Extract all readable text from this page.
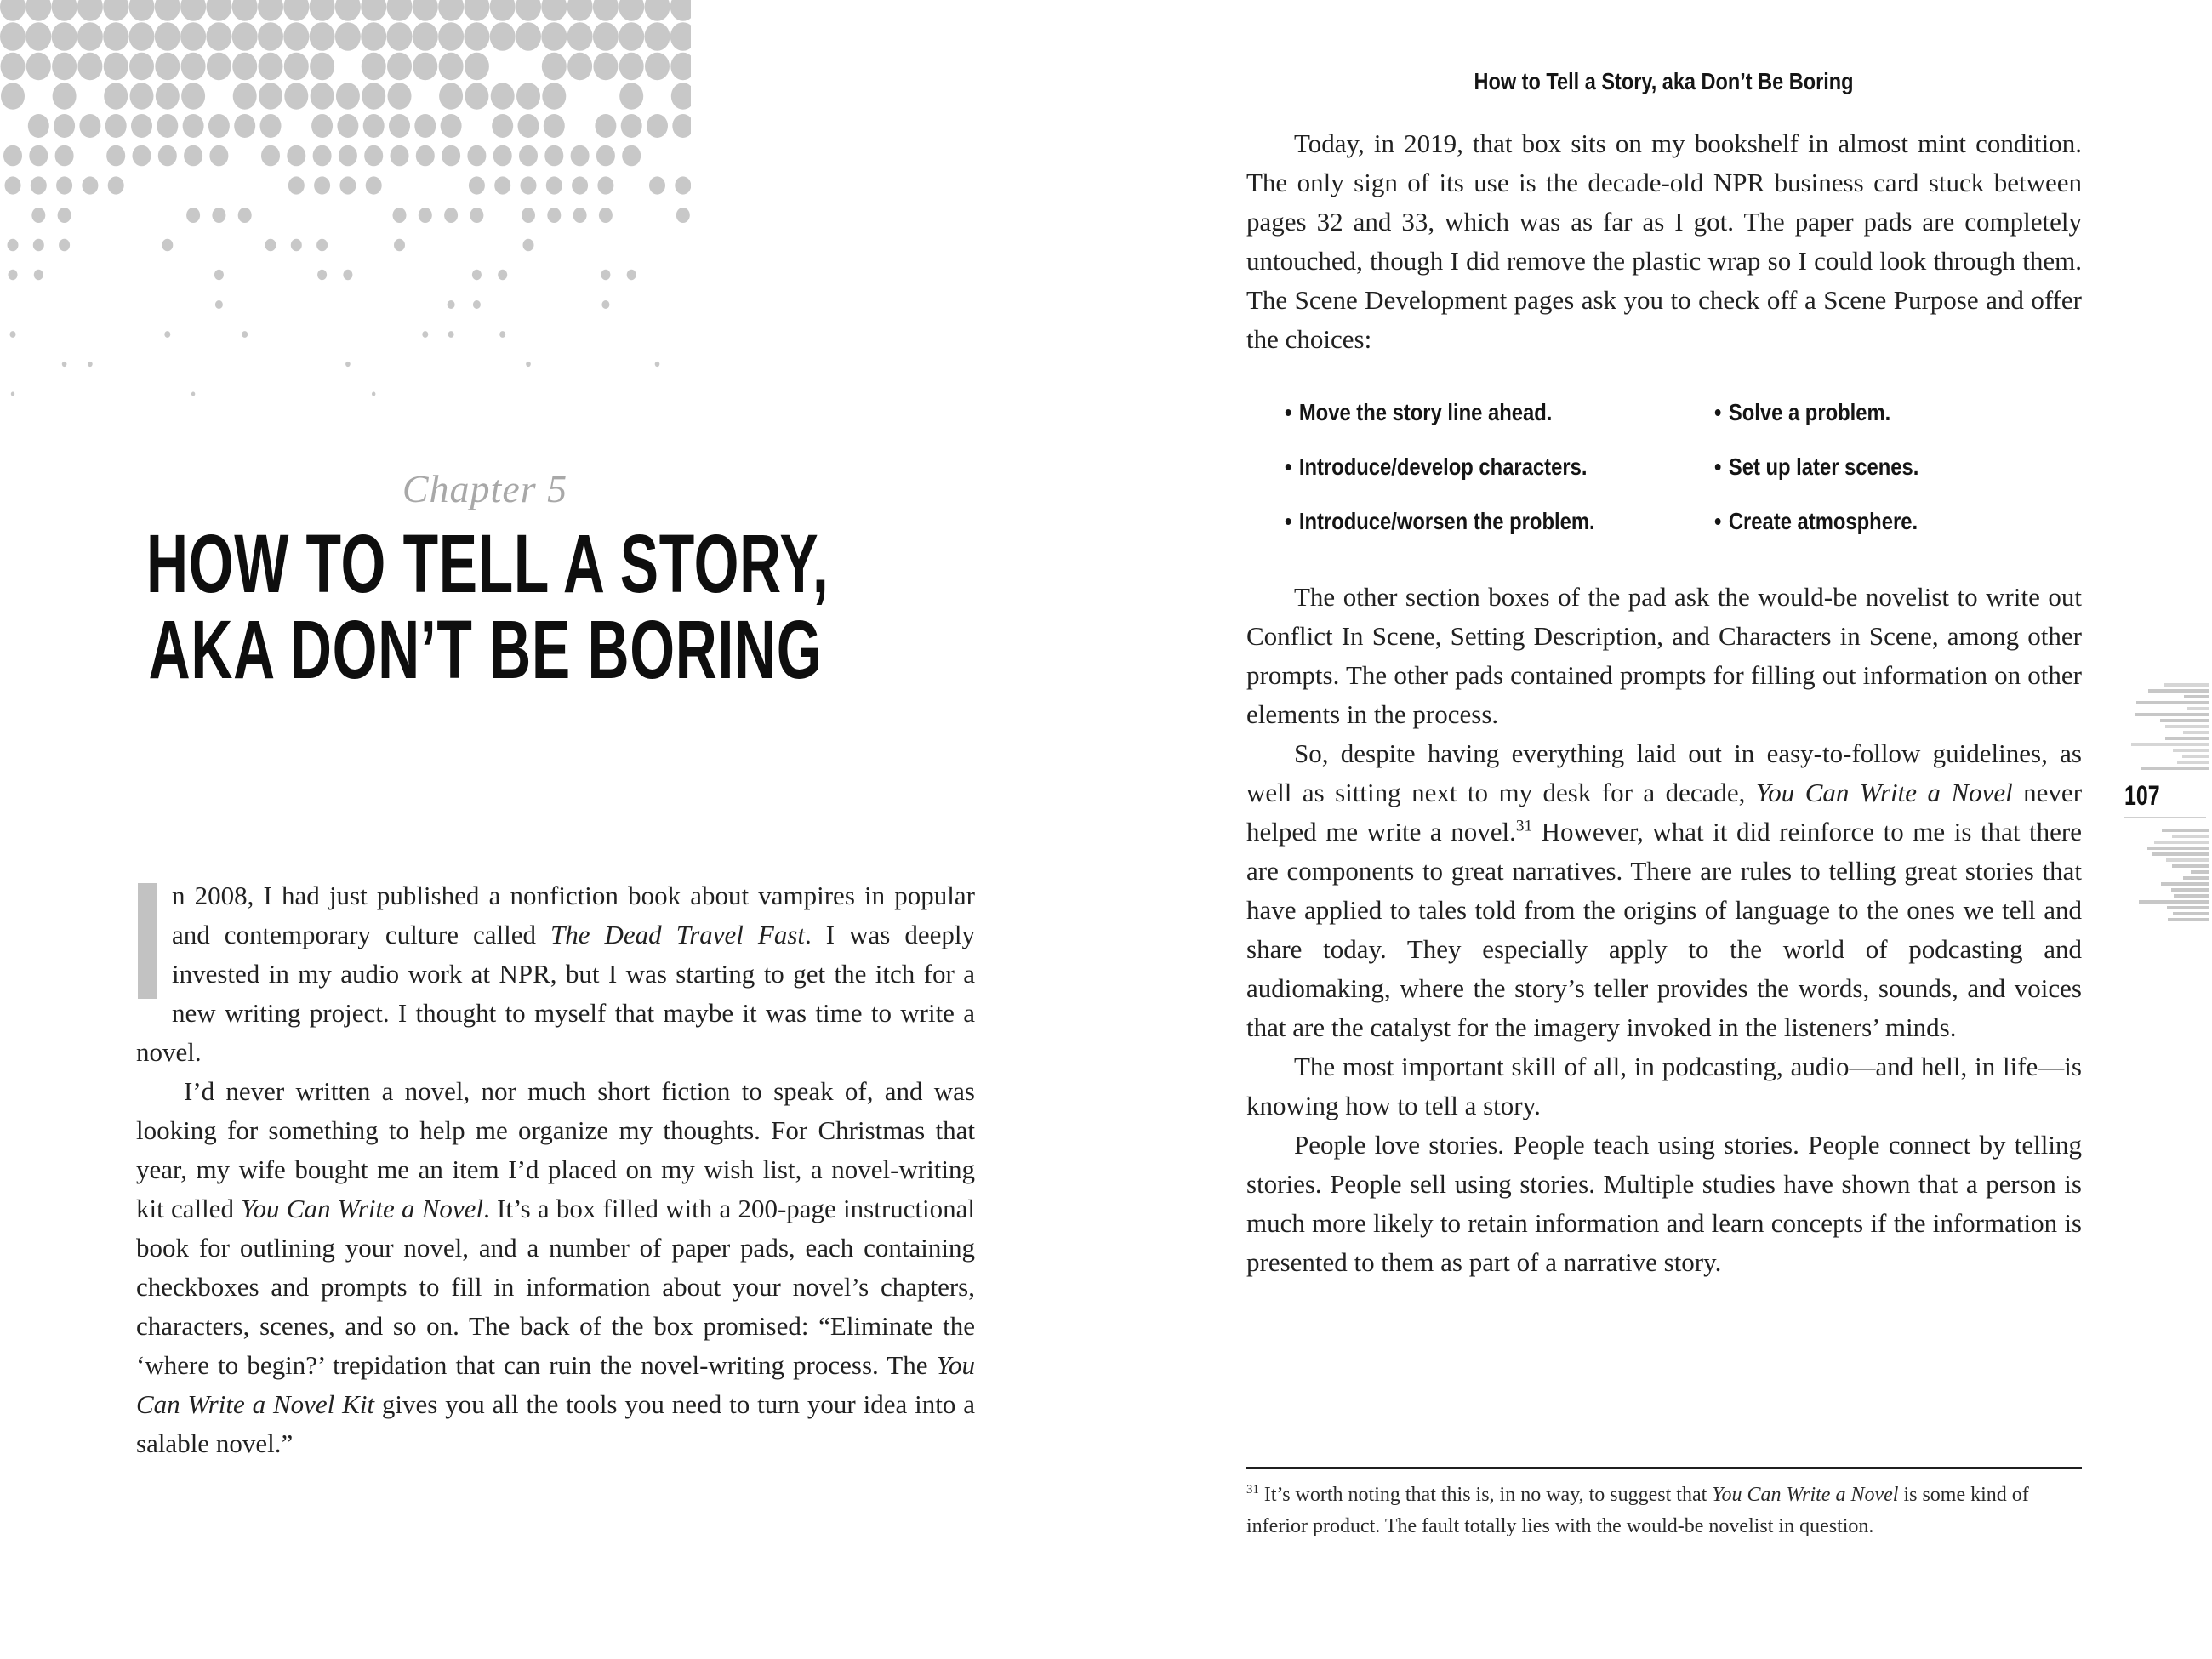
Chapter 5
HOW TO TELL A STORY,
AKA DON’T BE BORING

n 2008, I had just published a nonfiction book about vampires in popular and contemporary culture called The Dead Travel Fast. I was deeply invested in my audio work at NPR, but I was starting to get the itch for a new writing project. I thought to myself that maybe it was time to write a novel.

I’d never written a novel, nor much short fiction to speak of, and was looking for something to help me organize my thoughts. For Christmas that year, my wife bought me an item I’d placed on my wish list, a novel-writing kit called You Can Write a Novel. It’s a box filled with a 200-page instructional book for outlining your novel, and a number of paper pads, each containing checkboxes and prompts to fill in information about your novel’s chapters, characters, scenes, and so on. The back of the box promised: “Eliminate the ‘where to begin?’ trepidation that can ruin the novel-writing process. The You Can Write a Novel Kit gives you all the tools you need to turn your idea into a salable novel.”

How to Tell a Story, aka Don’t Be Boring

Today, in 2019, that box sits on my bookshelf in almost mint condition. The only sign of its use is the decade-old NPR business card stuck between pages 32 and 33, which was as far as I got. The paper pads are completely untouched, though I did remove the plastic wrap so I could look through them. The Scene Development pages ask you to check off a Scene Purpose and offer the choices:

• Move the story line ahead.	• Solve a problem.
• Introduce/develop characters.	• Set up later scenes.
• Introduce/worsen the problem.	• Create atmosphere.

The other section boxes of the pad ask the would-be novelist to write out Conflict In Scene, Setting Description, and Characters in Scene, among other prompts. The other pads contained prompts for filling out information on other elements in the process.

So, despite having everything laid out in easy-to-follow guidelines, as well as sitting next to my desk for a decade, You Can Write a Novel never helped me write a novel.$^{31}$ However, what it did reinforce to me is that there are components to great narratives. There are rules to telling great stories that have applied to tales told from the origins of language to the ones we tell and share today. They especially apply to the world of podcasting and audiomaking, where the story’s teller provides the words, sounds, and voices that are the catalyst for the imagery invoked in the listeners’ minds.

The most important skill of all, in podcasting, audio—and hell, in life—is knowing how to tell a story.

People love stories. People teach using stories. People connect by telling stories. People sell using stories. Multiple studies have shown that a person is much more likely to retain information and learn concepts if the information is presented to them as part of a narrative story.

$^{31}$ It’s worth noting that this is, in no way, to suggest that You Can Write a Novel is some kind of inferior product. The fault totally lies with the would-be novelist in question.

107
